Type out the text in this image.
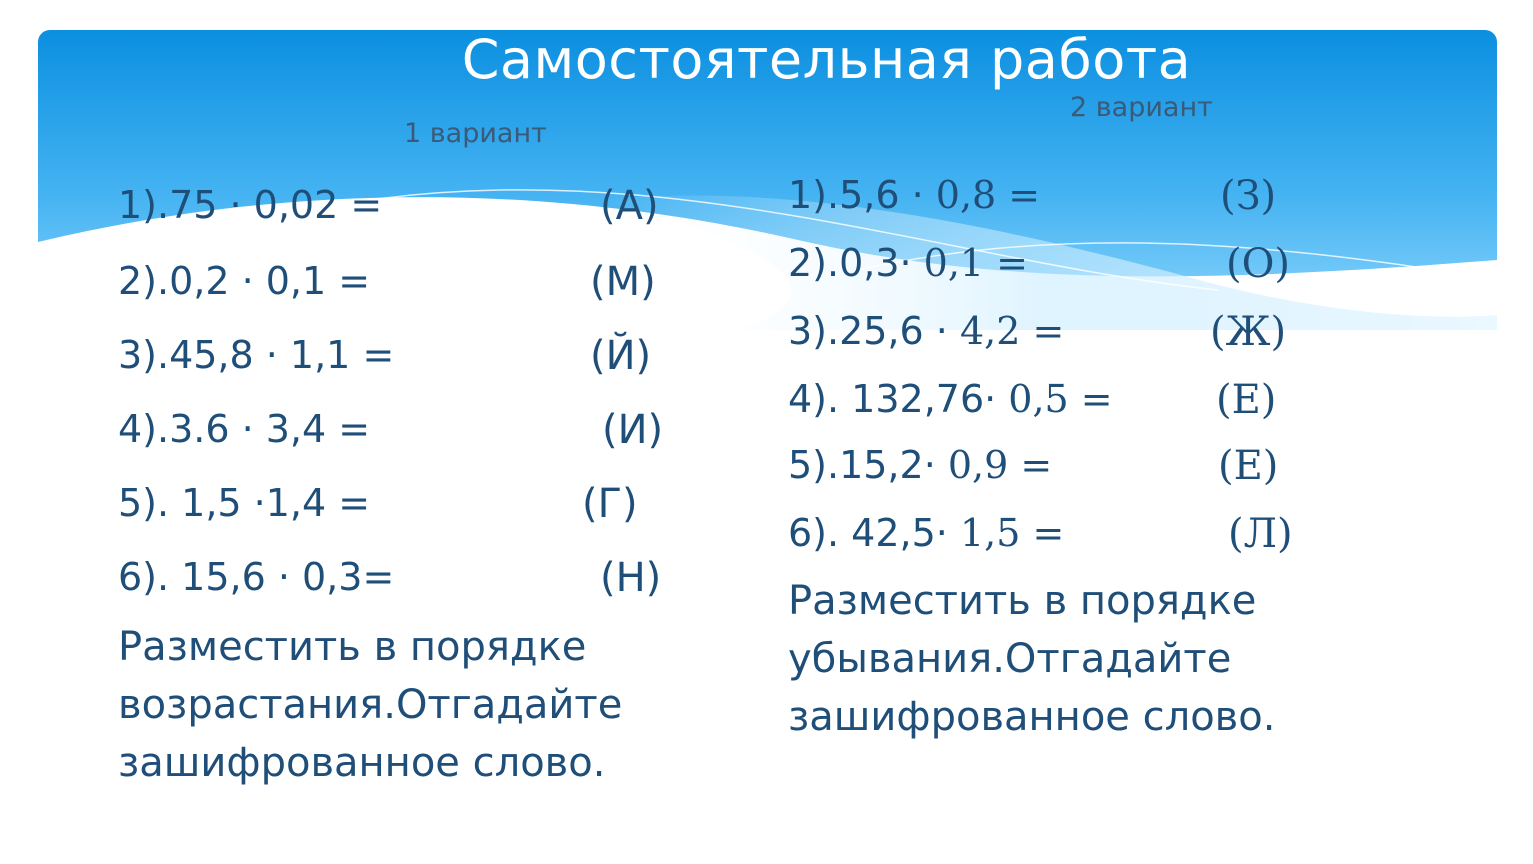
Самостоятельная работа
1 вариант
2 вариант
1).75 · 0,02 =
2).0,2 · 0,1 =
3).45,8 · 1,1 =
4).3.6 · 3,4 =
5). 1,5 ·1,4 =
6). 15,6 · 0,3=
(А)
(М)
(Й)
(И)
(Г)
(Н)
Разместить в порядке
возрастания.Отгадайте
зашифрованное слово.
1).5,6 · 0,8 =
2).0,3· 0,1 =
3).25,6 · 4,2 =
4). 132,76· 0,5 =
5).15,2· 0,9 =
6). 42,5· 1,5 =
(З)
(О)
(Ж)
(Е)
(Е)
(Л)
Разместить в порядке
убывания.Отгадайте
зашифрованное слово.
